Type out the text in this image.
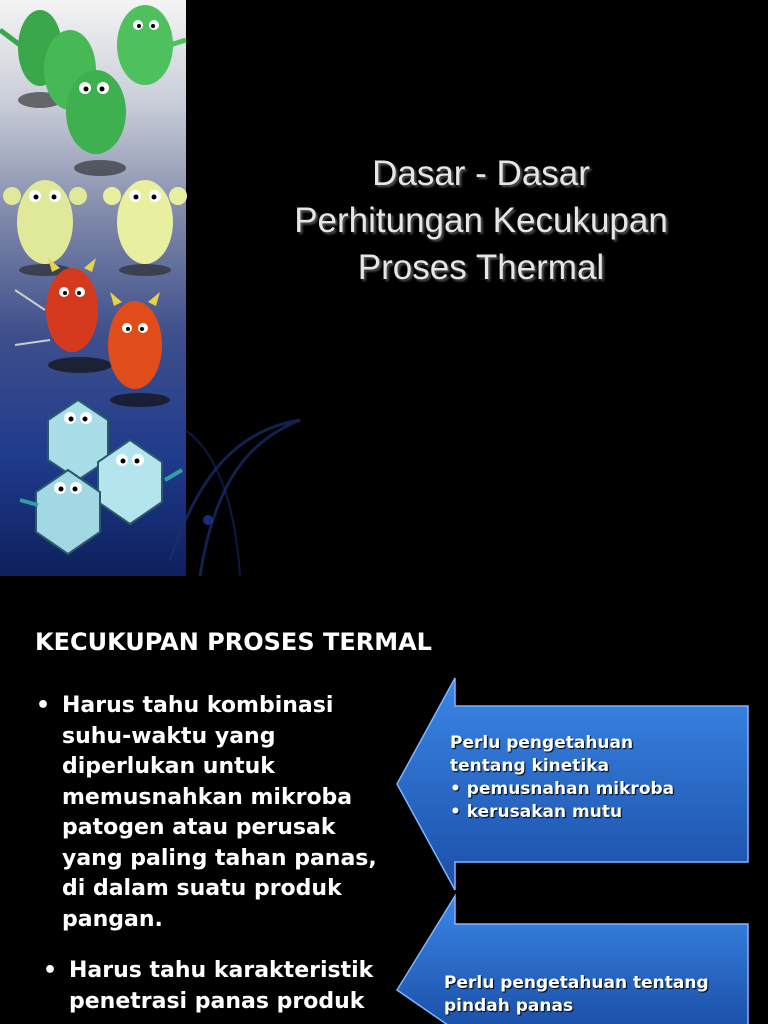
Dasar - Dasar
Perhitungan Kecukupan
Proses Thermal
KECUKUPAN PROSES TERMAL
• Harus tahu kombinasi
suhu-waktu yang
diperlukan untuk
memusnahkan mikroba
patogen atau perusak
yang paling tahan panas,
di dalam suatu produk
pangan.
• Harus tahu karakteristik
penetrasi panas produk
Perlu pengetahuan
tentang kinetika
• pemusnahan mikroba
• kerusakan mutu
Perlu pengetahuan tentang
pindah panas
